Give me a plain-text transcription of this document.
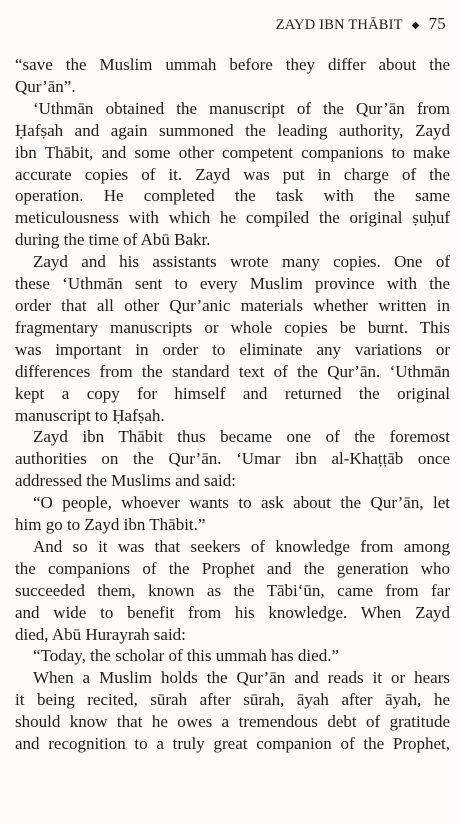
ZAYD IBN THĀBIT ◆ 75
“save the Muslim ummah before they differ about the
Qur’ān”.
‘Uthmān obtained the manuscript of the Qur’ān from
Ḥafṣah and again summoned the leading authority, Zayd
ibn Thābit, and some other competent companions to make
accurate copies of it. Zayd was put in charge of the
operation. He completed the task with the same
meticulousness with which he compiled the original ṣuḥuf
during the time of Abū Bakr.
Zayd and his assistants wrote many copies. One of
these ‘Uthmān sent to every Muslim province with the
order that all other Qur’anic materials whether written in
fragmentary manuscripts or whole copies be burnt. This
was important in order to eliminate any variations or
differences from the standard text of the Qur’ān. ‘Uthmān
kept a copy for himself and returned the original
manuscript to Ḥafṣah.
Zayd ibn Thābit thus became one of the foremost
authorities on the Qur’ān. ‘Umar ibn al-Khaṭṭāb once
addressed the Muslims and said:
“O people, whoever wants to ask about the Qur’ān, let
him go to Zayd ibn Thābit.”
And so it was that seekers of knowledge from among
the companions of the Prophet and the generation who
succeeded them, known as the Tābi‘ūn, came from far
and wide to benefit from his knowledge. When Zayd
died, Abū Hurayrah said:
“Today, the scholar of this ummah has died.”
When a Muslim holds the Qur’ān and reads it or hears
it being recited, sūrah after sūrah, āyah after āyah, he
should know that he owes a tremendous debt of gratitude
and recognition to a truly great companion of the Prophet,
